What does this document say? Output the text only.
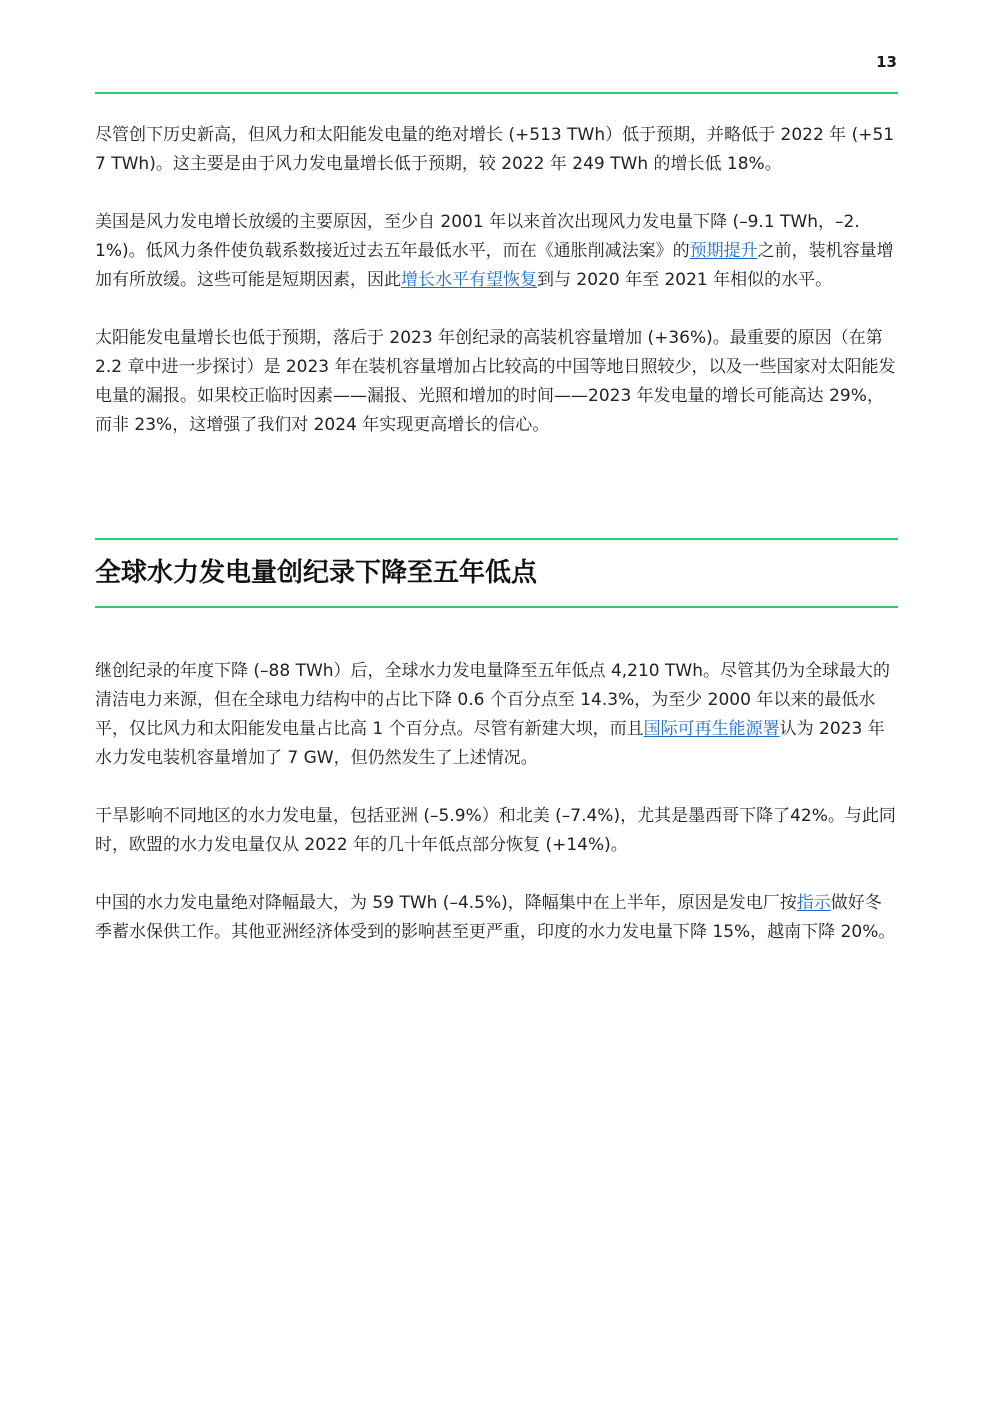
13

尽管创下历史新高，但风力和太阳能发电量的绝对增长 (+513 TWh）低于预期，并略低于 2022 年 (+517 TWh)。这主要是由于风力发电量增长低于预期，较 2022 年 249 TWh 的增长低 18%。

美国是风力发电增长放缓的主要原因，至少自 2001 年以来首次出现风力发电量下降 (–9.1 TWh，–2.1%)。低风力条件使负载系数接近过去五年最低水平，而在《通胀削减法案》的预期提升之前，装机容量增加有所放缓。这些可能是短期因素，因此增长水平有望恢复到与 2020 年至 2021 年相似的水平。

太阳能发电量增长也低于预期，落后于 2023 年创纪录的高装机容量增加 (+36%)。最重要的原因（在第 2.2 章中进一步探讨）是 2023 年在装机容量增加占比较高的中国等地日照较少，以及一些国家对太阳能发电量的漏报。如果校正临时因素——漏报、光照和增加的时间——2023 年发电量的增长可能高达 29%，而非 23%，这增强了我们对 2024 年实现更高增长的信心。

全球水力发电量创纪录下降至五年低点

继创纪录的年度下降 (–88 TWh）后，全球水力发电量降至五年低点 4,210 TWh。尽管其仍为全球最大的清洁电力来源，但在全球电力结构中的占比下降 0.6 个百分点至 14.3%，为至少 2000 年以来的最低水平，仅比风力和太阳能发电量占比高 1 个百分点。尽管有新建大坝，而且国际可再生能源署认为 2023 年水力发电装机容量增加了 7 GW，但仍然发生了上述情况。

干旱影响不同地区的水力发电量，包括亚洲 (–5.9%）和北美 (–7.4%)，尤其是墨西哥下降了42%。与此同时，欧盟的水力发电量仅从 2022 年的几十年低点部分恢复 (+14%)。

中国的水力发电量绝对降幅最大，为 59 TWh (–4.5%)，降幅集中在上半年，原因是发电厂按指示做好冬季蓄水保供工作。其他亚洲经济体受到的影响甚至更严重，印度的水力发电量下降 15%，越南下降 20%。
